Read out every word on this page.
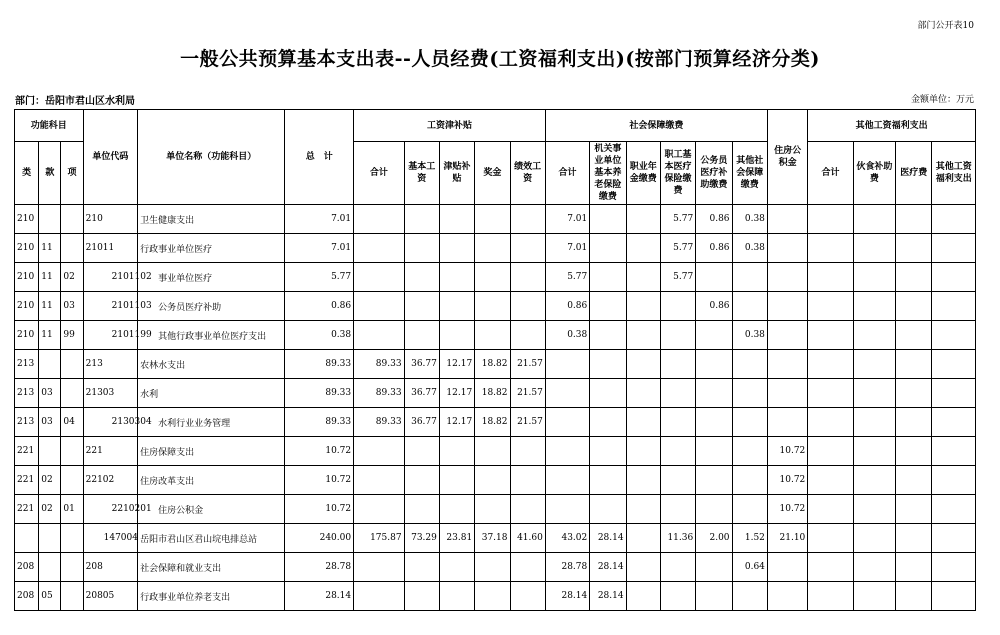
部门公开表10
一般公共预算基本支出表--人员经费(工资福利支出)(按部门预算经济分类)
部门：岳阳市君山区水利局	金额单位：万元
功能科目			单位代码	单位名称（功能科目）	总　计	工资津补贴					社会保障缴费						住房公积金	其他工资福利支出			
类	款	项				合计	基本工资	津贴补贴	奖金	绩效工资	合计	机关事业单位基本养老保险缴费	职业年金缴费	职工基本医疗保险缴费	公务员医疗补助缴费	其他社会保障缴费		合计	伙食补助费	医疗费	其他工资福利支出
210			210	卫生健康支出	7.01						7.01			5.77	0.86	0.38					
210	11		21011	行政事业单位医疗	7.01						7.01			5.77	0.86	0.38					
210	11	02	2101102	事业单位医疗	5.77						5.77			5.77							
210	11	03	2101103	公务员医疗补助	0.86						0.86				0.86						
210	11	99	2101199	其他行政事业单位医疗支出	0.38						0.38					0.38					
213			213	农林水支出	89.33	89.33	36.77	12.17	18.82	21.57											
213	03		21303	水利	89.33	89.33	36.77	12.17	18.82	21.57											
213	03	04	2130304	水利行业业务管理	89.33	89.33	36.77	12.17	18.82	21.57											
221			221	住房保障支出	10.72												10.72				
221	02		22102	住房改革支出	10.72												10.72				
221	02	01	2210201	住房公积金	10.72												10.72				
			147004	岳阳市君山区君山垸电排总站	240.00	175.87	73.29	23.81	37.18	41.60	43.02	28.14		11.36	2.00	1.52	21.10				
208			208	社会保障和就业支出	28.78						28.78	28.14				0.64					
208	05		20805	行政事业单位养老支出	28.14						28.14	28.14									
